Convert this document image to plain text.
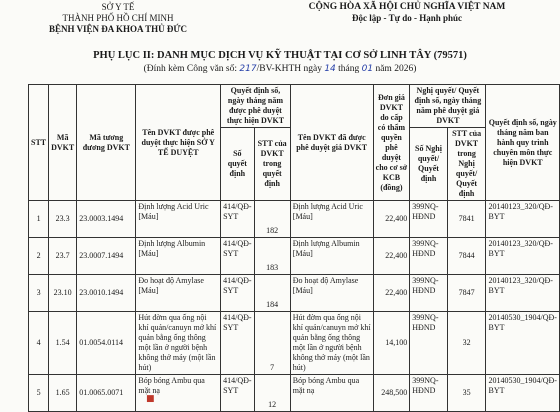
SỞ Y TẾ
THÀNH PHỐ HỒ CHÍ MINH
BỆNH VIỆN ĐA KHOA THỦ ĐỨC
CỘNG HÒA XÃ HỘI CHỦ NGHĨA VIỆT NAM
Độc lập - Tự do - Hạnh phúc
PHỤ LỤC II: DANH MỤC DỊCH VỤ KỸ THUẬT TẠI CƠ SỞ LINH TÂY (79571)
(Đính kèm Công văn số: 217/BV-KHTH ngày 14 tháng 01 năm 2026)
STT	Mã DVKT	Mã tương đương DVKT	Tên DVKT được phê duyệt thực hiện SỞ Y TẾ DUYỆT	Quyết định số, ngày tháng năm được phê duyệt thực hiện DVKT		Tên DVKT đã được phê duyệt giá DVKT	Đơn giá DVKT do cấp có thẩm quyền phê duyệt cho cơ sở KCB (đồng)	Nghị quyết/ Quyết định số, ngày tháng năm phê duyệt giá DVKT		Quyết định số, ngày tháng năm ban hành quy trình chuyên môn thực hiện DVKT
				Số quyết định	STT của DVKT trong quyết định			Số Nghị quyết/ Quyết định	STT của DVKT trong Nghị quyết/ Quyết định	
1	23.3	23.0003.1494	Định lượng Acid Uric [Máu]	414/QĐ-SYT	182	Định lượng Acid Uric [Máu]	22,400	399NQ-HĐND	7841	20140123_320/QĐ-BYT
2	23.7	23.0007.1494	Định lượng Albumin [Máu]	414/QĐ-SYT	183	Định lượng Albumin [Máu]	22,400	399NQ-HĐND	7844	20140123_320/QĐ-BYT
3	23.10	23.0010.1494	Đo hoạt độ Amylase [Máu]	414/QĐ-SYT	184	Đo hoạt độ Amylase [Máu]	22,400	399NQ-HĐND	7847	20140123_320/QĐ-BYT
4	1.54	01.0054.0114	Hút đờm qua ống nội khí quản/canuyn mở khí quản bằng ống thông một lần ở người bệnh không thở máy (một lần hút)	414/QĐ-SYT	7	Hút đờm qua ống nội khí quản/canuyn mở khí quản bằng ống thông một lần ở người bệnh không thở máy (một lần hút)	14,100	399NQ-HĐND	32	20140530_1904/QĐ-BYT
5	1.65	01.0065.0071	Bóp bóng Ambu qua mặt nạ	414/QĐ-SYT	12	Bóp bóng Ambu qua mặt nạ	248,500	399NQ-HĐND	35	20140530_1904/QĐ-BYT
■
